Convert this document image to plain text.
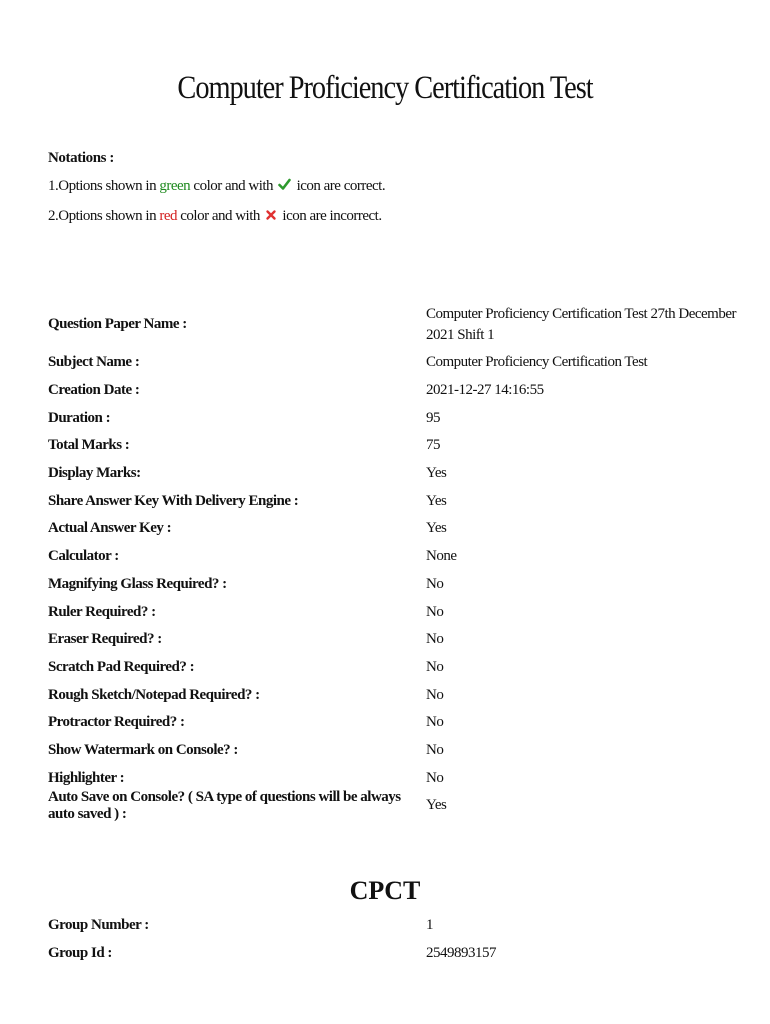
Computer Proficiency Certification Test
Notations :
1.Options shown in green color and with  icon are correct.
2.Options shown in red color and with  icon are incorrect.
Question Paper Name :
Computer Proficiency Certification Test 27th December 2021 Shift 1
Subject Name :	Computer Proficiency Certification Test
Creation Date :	2021-12-27 14:16:55
Duration :	95
Total Marks :	75
Display Marks:	Yes
Share Answer Key With Delivery Engine :	Yes
Actual Answer Key :	Yes
Calculator :	None
Magnifying Glass Required? :	No
Ruler Required? :	No
Eraser Required? :	No
Scratch Pad Required? :	No
Rough Sketch/Notepad Required? :	No
Protractor Required? :	No
Show Watermark on Console? :	No
Highlighter :	No
Auto Save on Console? ( SA type of questions will be always auto saved ) :
Yes
CPCT
Group Number :	1
Group Id :	2549893157
